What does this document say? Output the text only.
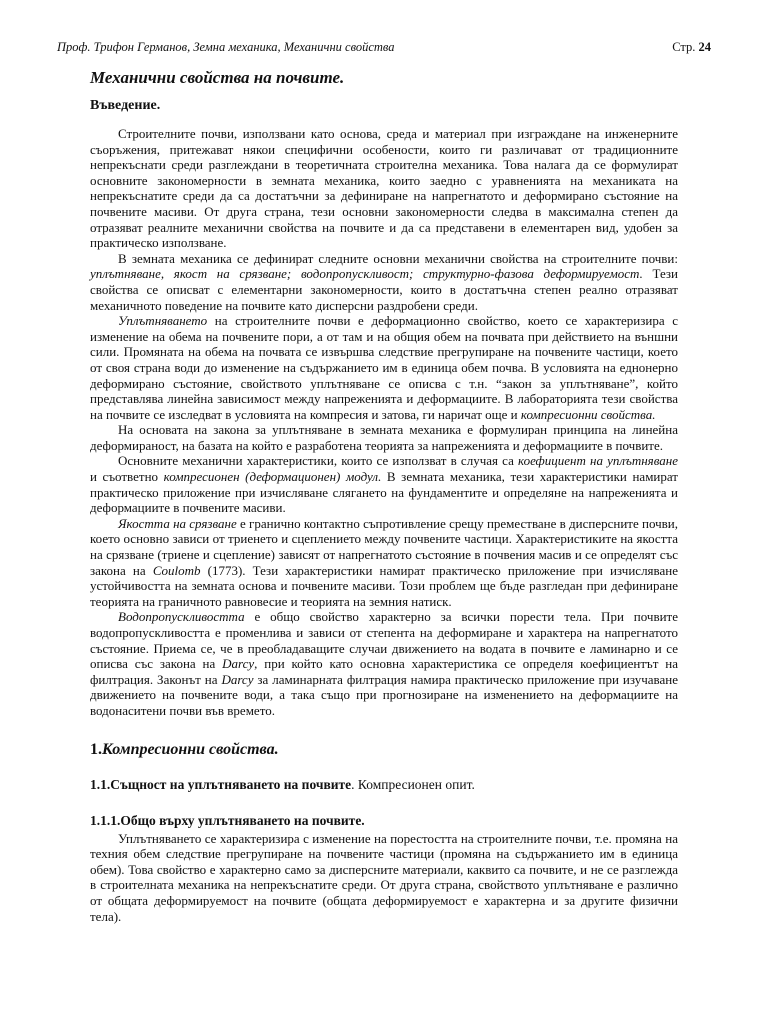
Проф. Трифон Германов, Земна механика, Механични свойства	Стр. 24
Механични свойства на почвите.
Въведение.

Строителните почви, използвани като основа, среда и материал при изграждане на инженерните съоръжения, притежават някои специфични особености, които ги различават от традиционните непрекъснати среди разглеждани в теоретичната строителна механика. Това налага да се формулират основните закономерности в земната механика, които заедно с уравненията на механиката на непрекъснатите среди да са достатъчни за дефиниране на напрегнатото и деформирано състояние на почвените масиви. От друга страна, тези основни закономерности следва в максимална степен да отразяват реалните механични свойства на почвите и да са представени в елементарен вид, удобен за практическо използване.

В земната механика се дефинират следните основни механични свойства на строителните почви: уплътняване, якост на срязване; водопропускливост; структурно-фазова деформируемост. Тези свойства се описват с елементарни закономерности, които в достатъчна степен реално отразяват механичното поведение на почвите като дисперсни раздробени среди.

Уплътняването на строителните почви е деформационно свойство, което се характеризира с изменение на обема на почвените пори, а от там и на общия обем на почвата при действието на външни сили. Промяната на обема на почвата се извършва следствие прегрупиране на почвените частици, което от своя страна води до изменение на съдържанието им в единица обем почва. В условията на еднонерно деформирано състояние, свойството уплътняване се описва с т.н. “закон за уплътняване”, който представлява линейна зависимост между напреженията и деформациите. В лабораторията тези свойства на почвите се изследват в условията на компресия и затова, ги наричат още и компресионни свойства.

На основата на закона за уплътняване в земната механика е формулиран принципа на линейна деформираност, на базата на който е разработена теорията за напреженията и деформациите в почвите.

Основните механични характеристики, които се използват в случая са коефициент на уплътняване и съответно компресионен (деформационен) модул. В земната механика, тези характеристики намират практическо приложение при изчисляване слягането на фундаментите и определяне на напреженията и деформациите в почвените масиви.

Якостта на срязване е гранично контактно съпротивление срещу преместване в дисперсните почви, което основно зависи от триенето и сцеплението между почвените частици. Характеристиките на якостта на срязване (триене и сцепление) зависят от напрегнатото състояние в почвения масив и се определят със закона на Coulomb (1773). Тези характеристики намират практическо приложение при изчисляване устойчивостта на земната основа и почвените масиви. Този проблем ще бъде разгледан при дефиниране теорията на граничното равновесие и теорията на земния натиск.

Водопропускливостта е общо свойство характерно за всички порести тела. При почвите водопропускливостта е променлива и зависи от степента на деформиране и характера на напрегнатото състояние. Приема се, че в преобладаващите случаи движението на водата в почвите е ламинарно и се описва със закона на Darcy, при който като основна характеристика се определя коефициентът на филтрация. Законът на Darcy за ламинарната филтрация намира практическо приложение при изучаване движението на почвените води, а така също при прогнозиране на изменението на деформациите на водонаситени почви във времето.

1.Компресионни свойства.
1.1.Същност на уплътняването на почвите. Компресионен опит.
1.1.1.Общо върху уплътняването на почвите.

Уплътняването се характеризира с изменение на порестостта на строителните почви, т.е. промяна на техния обем следствие прегрупиране на почвените частици (промяна на съдържанието им в единица обем). Това свойство е характерно само за дисперсните материали, каквито са почвите, и не се разглежда в строителната механика на непрекъснатите среди. От друга страна, свойството уплътняване е различно от общата деформируемост на почвите (общата деформируемост е характерна и за другите физични тела).
